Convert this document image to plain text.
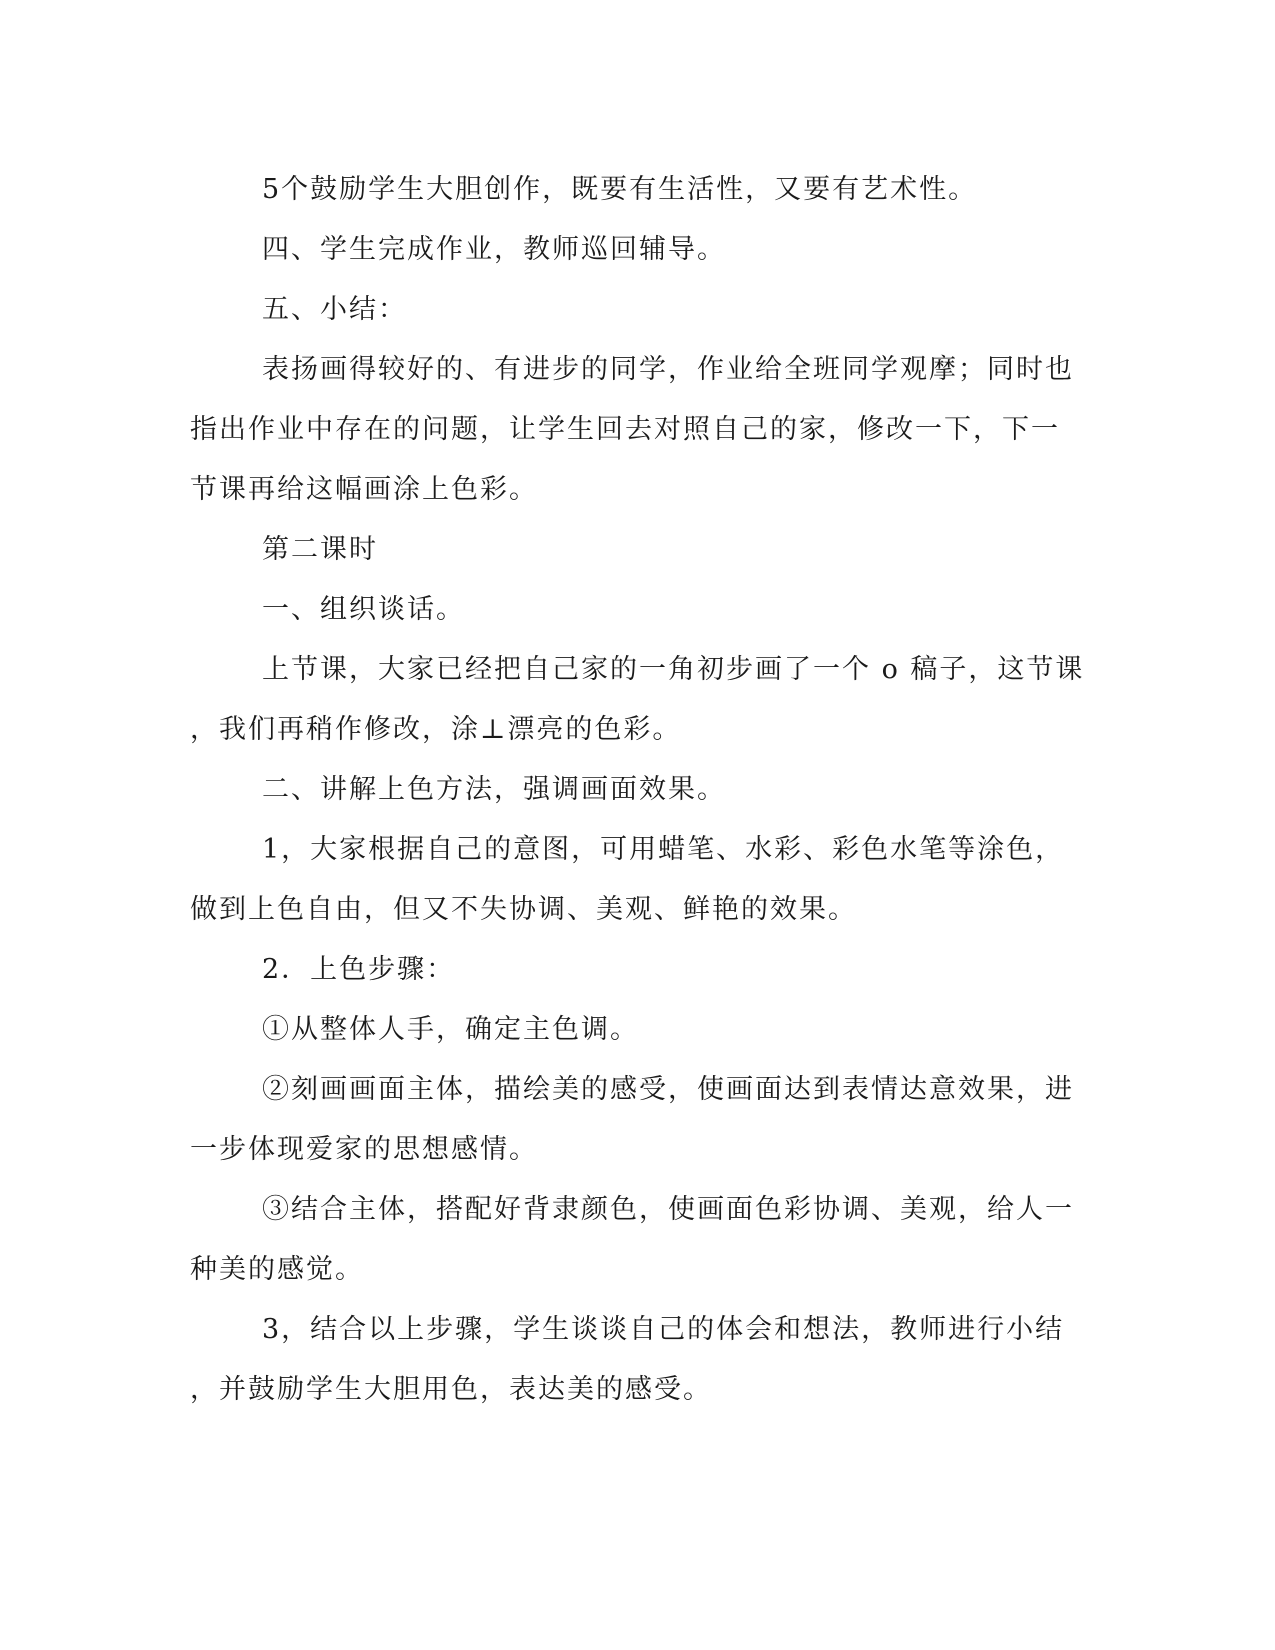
5个鼓励学生大胆创作，既要有生活性，又要有艺术性。
四、学生完成作业，教师巡回辅导。
五、小结：
表扬画得较好的、有进步的同学，作业给全班同学观摩；同时也
指出作业中存在的问题，让学生回去对照自己的家，修改一下，下一
节课再给这幅画涂上色彩。
第二课时
一、组织谈话。
上节课，大家已经把自己家的一角初步画了一个 o 稿子，这节课
，我们再稍作修改，涂⊥漂亮的色彩。
二、讲解上色方法，强调画面效果。
1，大家根据自己的意图，可用蜡笔、水彩、彩色水笔等涂色，
做到上色自由，但又不失协调、美观、鲜艳的效果。
2．上色步骤：
①从整体人手，确定主色调。
②刻画画面主体，描绘美的感受，使画面达到表情达意效果，进
一步体现爱家的思想感情。
③结合主体，搭配好背隶颜色，使画面色彩协调、美观，给人一
种美的感觉。
3，结合以上步骤，学生谈谈自己的体会和想法，教师进行小结
，并鼓励学生大胆用色，表达美的感受。
